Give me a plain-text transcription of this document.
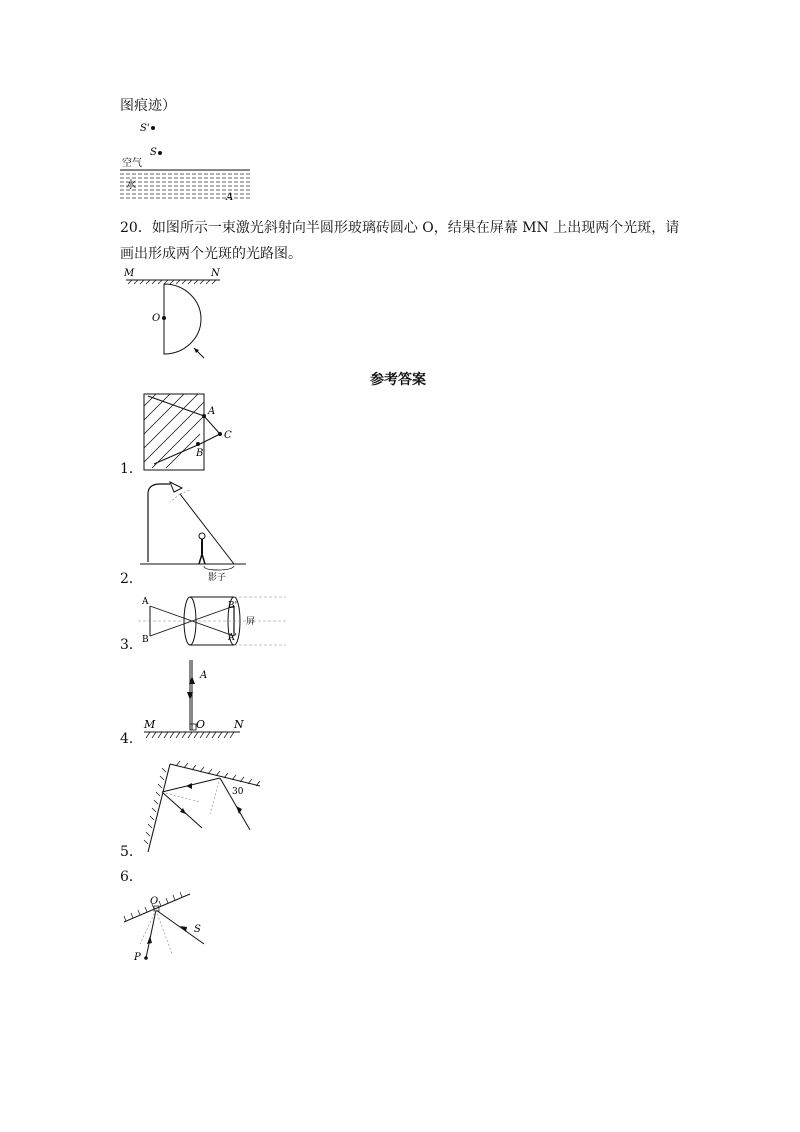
图痕迹）
S'
S
空气
水
A
20．如图所示一束激光斜射向半圆形玻璃砖圆心 O，结果在屏幕 MN 上出现两个光斑，请
画出形成两个光斑的光路图。
M	N
O
参考答案
1．
A
C
B
2．	影子
3．
A
B
B'
A'
屏
4．
A
M	O	N
5．
30
6．
O
S
P
